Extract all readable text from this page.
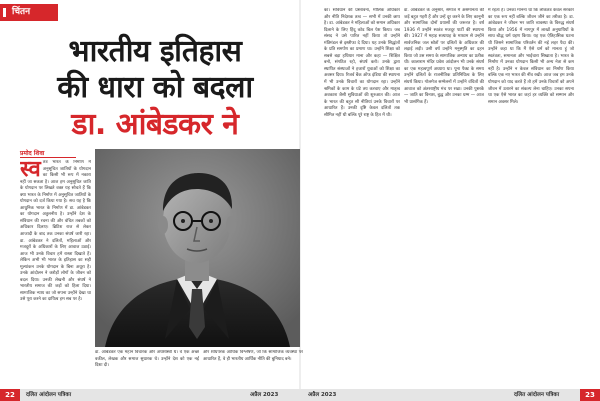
चिंतन
भारतीय इतिहास
की धारा को बदला
डा. आंबेडकर ने
प्रमोद शिवा
स्व तंत्र भारत के निर्माण में अनुसूचित जातियों के योगदान का किसी भी रूप में नकारा नहीं जा सकता है। आज हम अनुसूचित जाति के योगदान पर लिखते वक्त यह सोचते हैं कि क्या भारत के निर्माण में अनुसूचित जातियों के योगदान को दर्ज किया गया है। सच यह है कि आधुनिक भारत के निर्माण में डा. आंबेडकर का योगदान अतुलनीय है। उन्होंने देश के संविधान की रचना की और वंचित तबकों को अधिकार दिलाए। ब्रिटिश राज से लेकर आजादी के बाद तक उनका संघर्ष जारी रहा। डा. आंबेडकर ने दलितों, महिलाओं और मजदूरों के अधिकारों के लिए आवाज उठाई। आज भी उनके विचार हमें रास्ता दिखाते हैं। लेकिन अभी भी भारत के इतिहास का सही मूल्यांकन उनके योगदान के बिना अधूरा है। उनके आंदोलन ने करोड़ों लोगों के जीवन को बदल दिया। उनकी लेखनी और संघर्ष ने भारतीय समाज की जड़ों को हिला दिया। सामाजिक न्याय का जो सपना उन्होंने देखा था उसे पूरा करने का दायित्व हम सब पर है।
डा. आंबेडकर एक महान विचारक और अर्थशास्त्री थे। वे एक अच्छे वकील, लेखक और समाज सुधारक थे। उन्होंने देश को एक नई दिशा दी।
और शोधपरक आर्थिक विश्लेषण, जो कि सामाजिक व्यवस्था पर आधारित हैं, वे ही भारतीय आर्थिक नीति की बुनियाद बने।
का। संविधान की प्रस्तावना, मौलिक अधिकार और नीति निदेशक तत्व — सभी में उनकी छाप है। डा. आंबेडकर ने महिलाओं को समान अधिकार दिलाने के लिए हिंदू कोड बिल पेश किया। जब संसद ने उसे पारित नहीं किया तो उन्होंने मंत्रिमंडल से इस्तीफा दे दिया। यह उनके सिद्धांतों के प्रति समर्पण का प्रमाण था। उन्होंने शिक्षा को सबसे बड़ा हथियार माना और कहा — शिक्षित बनो, संगठित रहो, संघर्ष करो। उनके द्वारा स्थापित संस्थाओं ने हजारों युवाओं को शिक्षा का अवसर दिया। रिजर्व बैंक ऑफ इंडिया की स्थापना में भी उनके विचारों का योगदान रहा। उन्होंने श्रमिकों के काम के घंटे तय करवाए और मातृत्व अवकाश जैसी सुविधाओं की शुरुआत की। आज के भारत की बहुत सी नीतियां उनके विचारों पर आधारित हैं। उनकी दृष्टि केवल दलितों तक सीमित नहीं थी बल्कि पूरे राष्ट्र के हित में थी।
डा. आंबेडकर के अनुसार, समाज में असमानता की जड़ें बहुत गहरी हैं और उन्हें दूर करने के लिए कानूनी और सामाजिक दोनों प्रयासों की जरूरत है। वर्ष 1936 में उन्होंने स्वतंत्र मजदूर पार्टी की स्थापना की। 1927 में महाड़ सत्याग्रह के माध्यम से उन्होंने सार्वजनिक जल स्रोतों पर दलितों के अधिकार की लड़ाई लड़ी। उसी वर्ष उन्होंने मनुस्मृति का दहन किया जो उस समय के सामाजिक अन्याय का प्रतीक थी। कालाराम मंदिर प्रवेश आंदोलन भी उनके संघर्ष का एक महत्वपूर्ण अध्याय था। पूना पैक्ट के समय उन्होंने दलितों के राजनीतिक प्रतिनिधित्व के लिए संघर्ष किया। गोलमेज सम्मेलनों में उन्होंने वंचितों की आवाज को अंतरराष्ट्रीय मंच पर रखा। उनकी पुस्तकें — जाति का विनाश, बुद्ध और उनका धम्म — आज भी प्रासंगिक हैं।
में रहता है। उनका मानना था कि लोकतंत्र केवल सरकार का एक रूप नहीं बल्कि जीवन जीने का तरीका है। डा. आंबेडकर ने जीवन भर जाति व्यवस्था के विरुद्ध संघर्ष किया और 1956 में नागपुर में लाखों अनुयायियों के साथ बौद्ध धर्म ग्रहण किया। यह एक ऐतिहासिक घटना थी जिसने सामाजिक परिवर्तन की नई लहर पैदा की। उन्होंने कहा था कि मैं ऐसे धर्म को मानता हूं जो स्वतंत्रता, समानता और भाईचारा सिखाता है। भारत के निर्माण में उनका योगदान किसी भी अन्य नेता से कम नहीं है। उन्होंने न केवल संविधान का निर्माण किया बल्कि एक नए भारत की नींव रखी। आज जब हम उनके योगदान को याद करते हैं तो हमें उनके विचारों को अपने जीवन में उतारने का संकल्प लेना चाहिए। उनका सपना था एक ऐसे भारत का जहां हर व्यक्ति को सम्मान और समान अवसर मिले।
22	दलित आंदोलन पत्रिका	अप्रैल 2023	अप्रैल 2023	दलित आंदोलन पत्रिका	23
